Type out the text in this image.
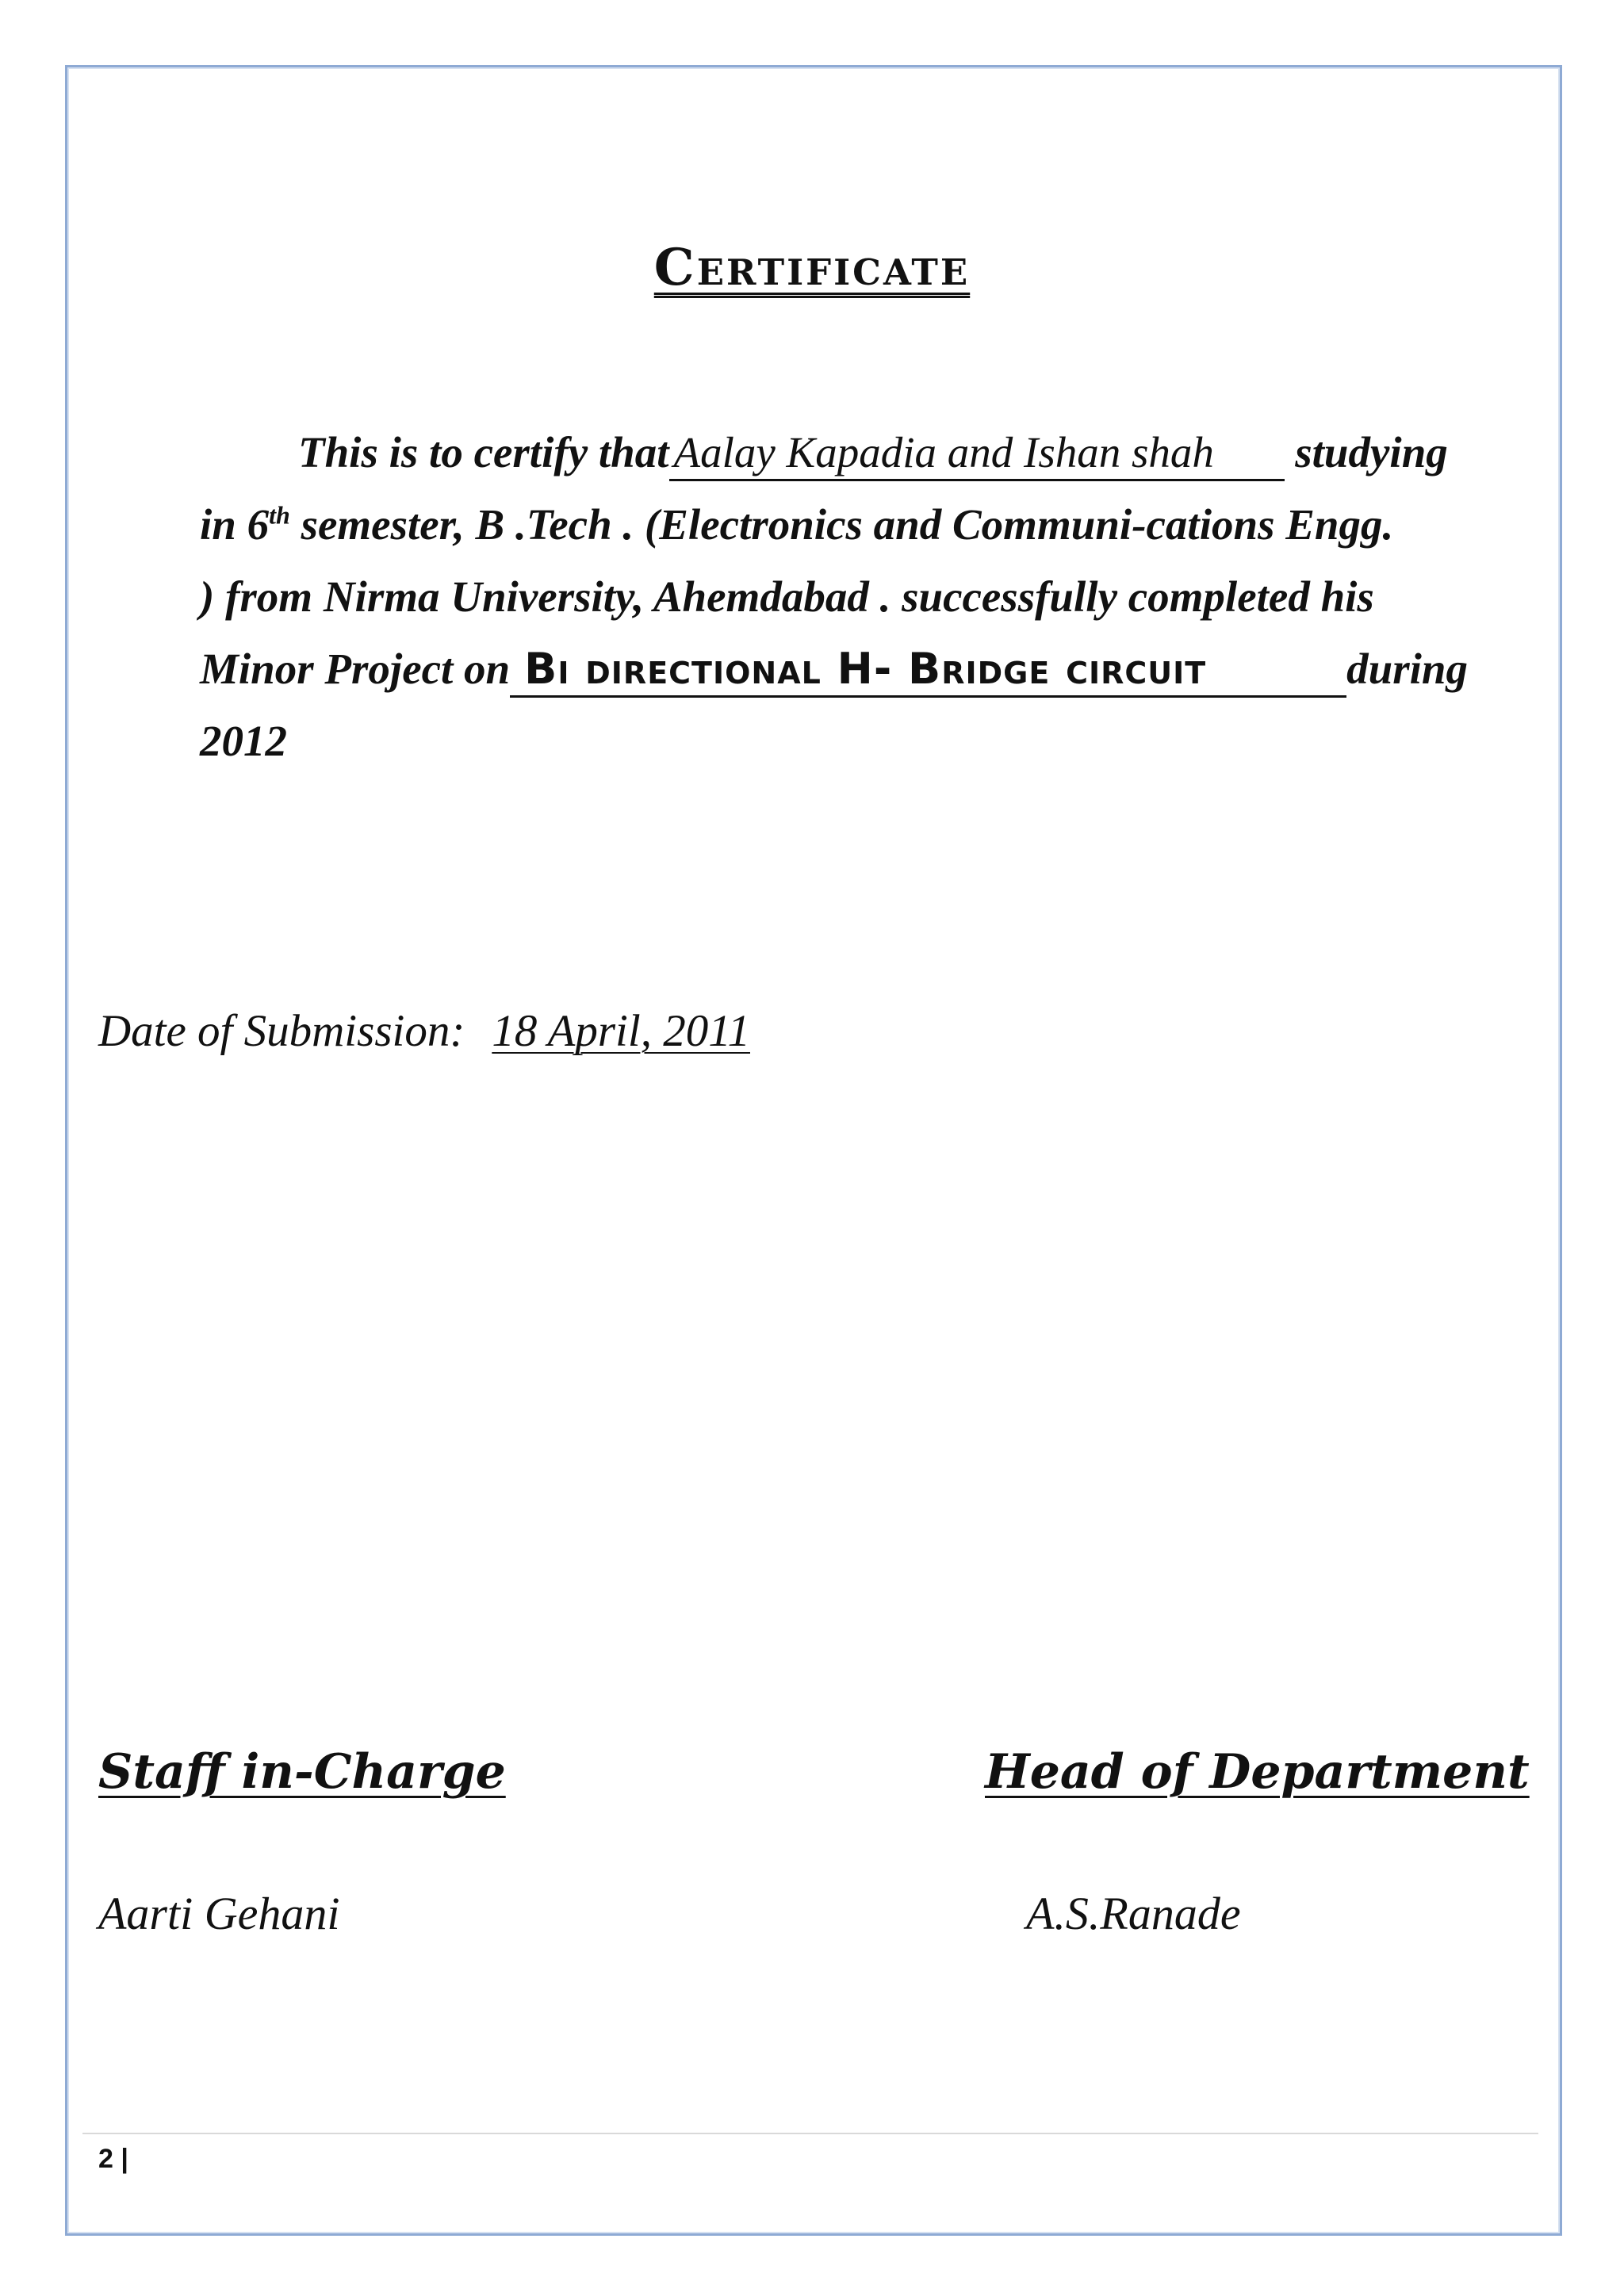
Certificate
This is to certify that Aalay Kapadia and Ishan shah studying
in 6th semester, B .Tech . (Electronics and Communi-cations Engg.
) from Nirma University, Ahemdabad . successfully completed his
Minor Project on Bi directional H- Bridge circuit	during
2012
Date of Submission: 18 April, 2011
Staff in-Charge	Head of Department
Aarti Gehani	A.S.Ranade
2 |
